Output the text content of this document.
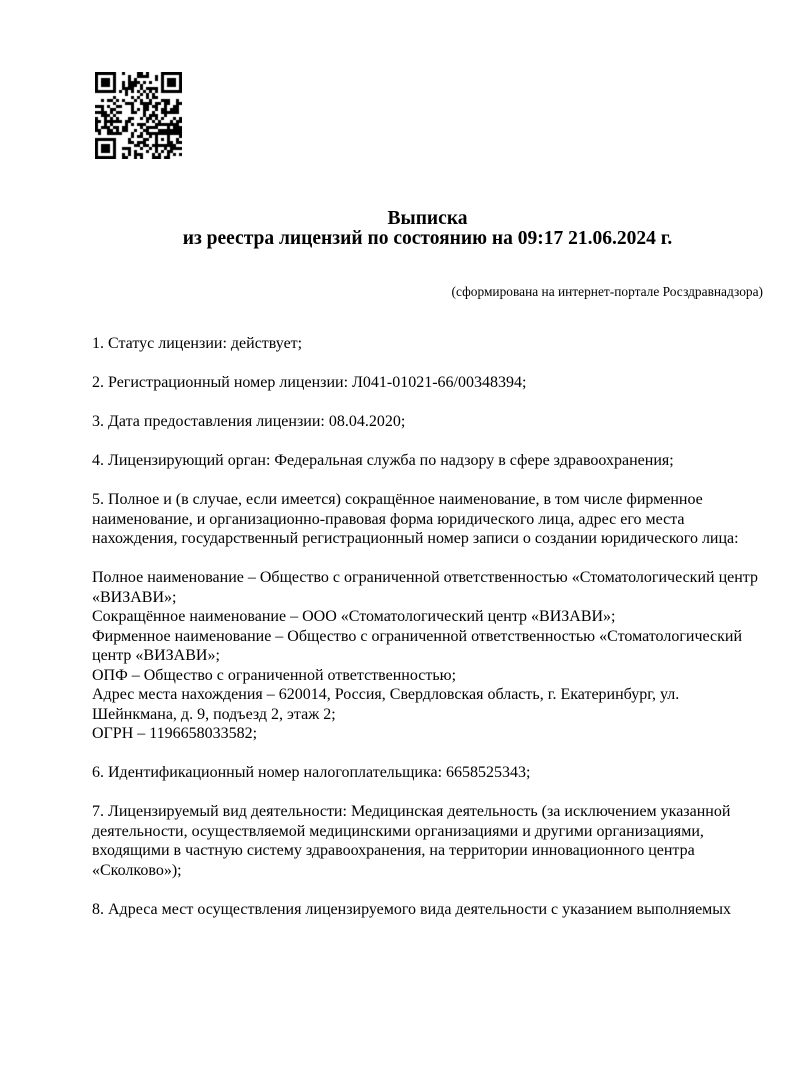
Выписка
из реестра лицензий по состоянию на 09:17 21.06.2024 г.
(сформирована на интернет-портале Росздравнадзора)
1. Статус лицензии: действует;
2. Регистрационный номер лицензии: Л041-01021-66/00348394;
3. Дата предоставления лицензии: 08.04.2020;
4. Лицензирующий орган: Федеральная служба по надзору в сфере здравоохранения;
5. Полное и (в случае, если имеется) сокращённое наименование, в том числе фирменное
наименование, и организационно-правовая форма юридического лица, адрес его места
нахождения, государственный регистрационный номер записи о создании юридического лица:
Полное наименование – Общество с ограниченной ответственностью «Стоматологический центр
«ВИЗАВИ»;
Сокращённое наименование – ООО «Стоматологический центр «ВИЗАВИ»;
Фирменное наименование – Общество с ограниченной ответственностью «Стоматологический
центр «ВИЗАВИ»;
ОПФ – Общество с ограниченной ответственностью;
Адрес места нахождения – 620014, Россия, Свердловская область, г. Екатеринбург, ул.
Шейнкмана, д. 9, подъезд 2, этаж 2;
ОГРН – 1196658033582;
6. Идентификационный номер налогоплательщика: 6658525343;
7. Лицензируемый вид деятельности: Медицинская деятельность (за исключением указанной
деятельности, осуществляемой медицинскими организациями и другими организациями,
входящими в частную систему здравоохранения, на территории инновационного центра
«Сколково»);
8. Адреса мест осуществления лицензируемого вида деятельности с указанием выполняемых
